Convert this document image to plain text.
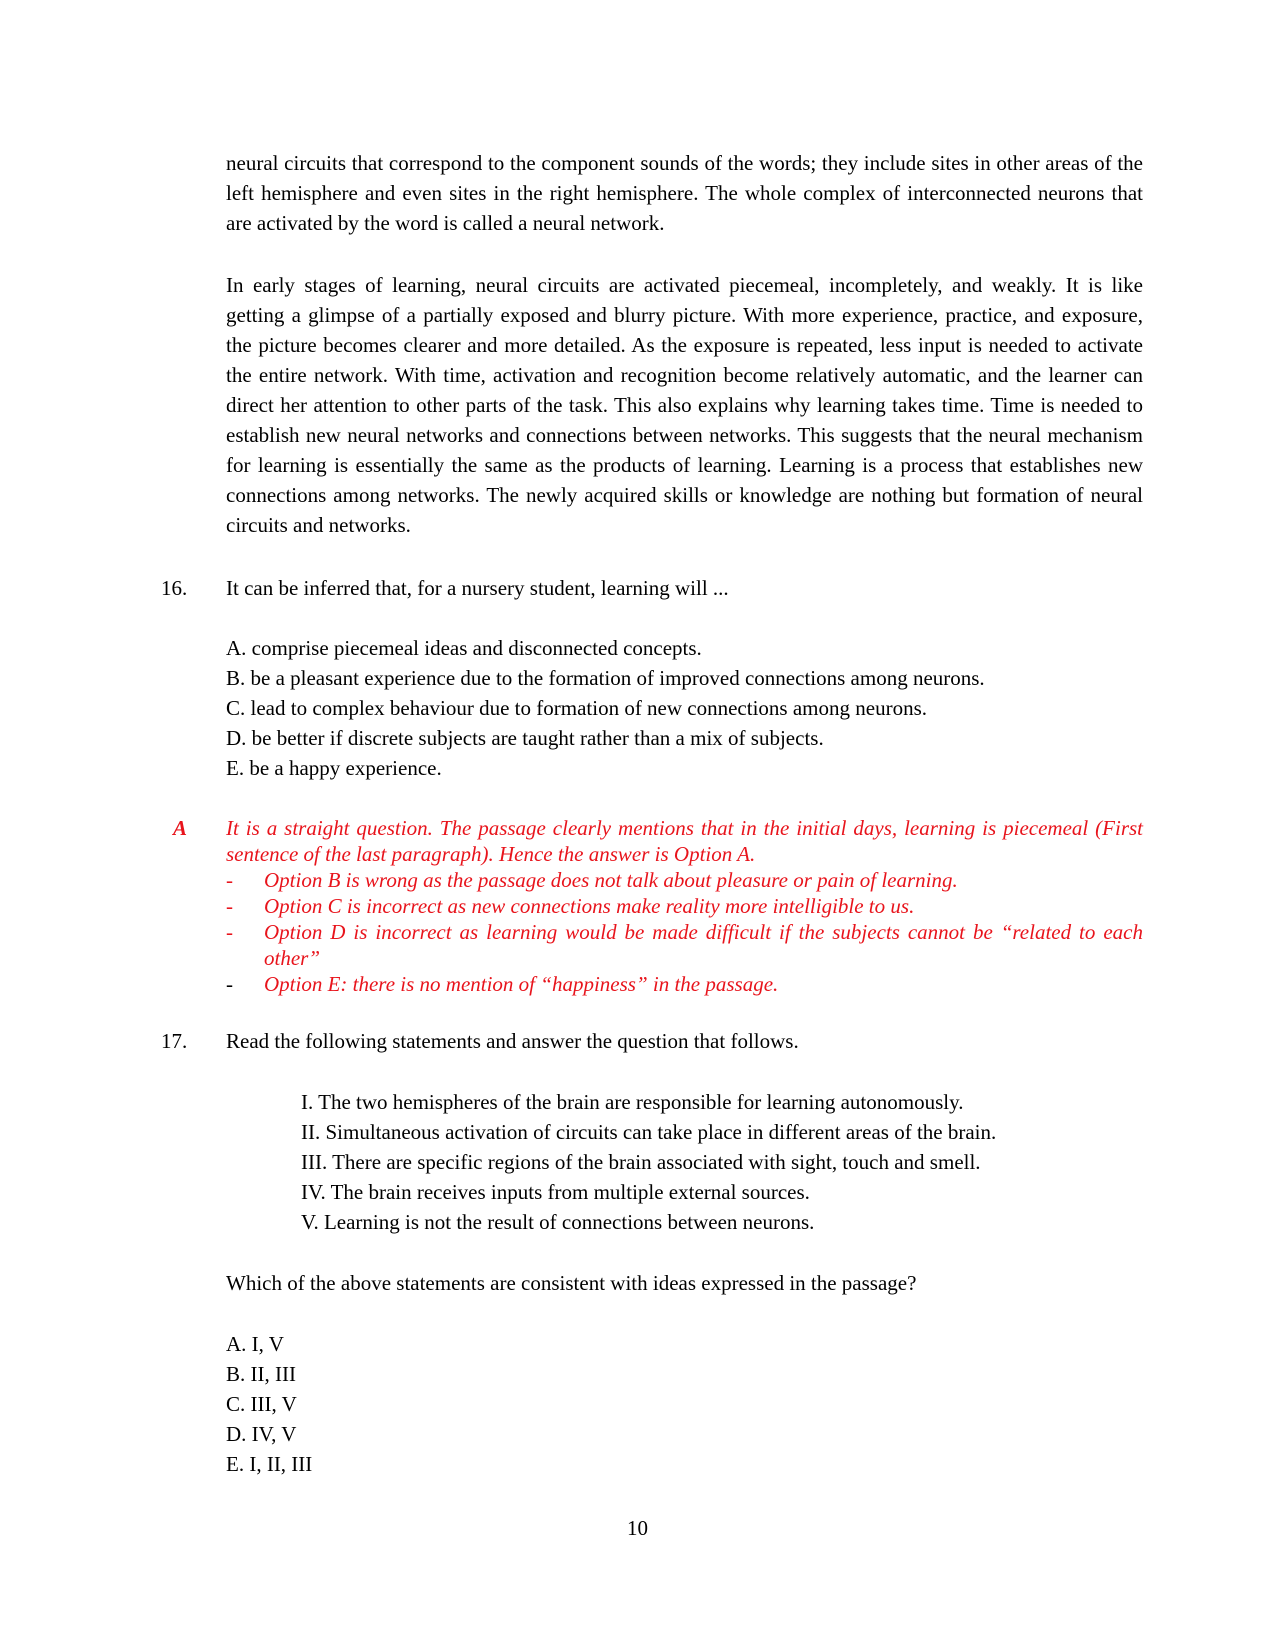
neural circuits that correspond to the component sounds of the words; they include sites in other areas of the left hemisphere and even sites in the right hemisphere. The whole complex of interconnected neurons that are activated by the word is called a neural network.

In early stages of learning, neural circuits are activated piecemeal, incompletely, and weakly. It is like getting a glimpse of a partially exposed and blurry picture. With more experience, practice, and exposure, the picture becomes clearer and more detailed. As the exposure is repeated, less input is needed to activate the entire network. With time, activation and recognition become relatively automatic, and the learner can direct her attention to other parts of the task. This also explains why learning takes time. Time is needed to establish new neural networks and connections between networks. This suggests that the neural mechanism for learning is essentially the same as the products of learning. Learning is a process that establishes new connections among networks. The newly acquired skills or knowledge are nothing but formation of neural circuits and networks.

16. It can be inferred that, for a nursery student, learning will ...

A. comprise piecemeal ideas and disconnected concepts.
B. be a pleasant experience due to the formation of improved connections among neurons.
C. lead to complex behaviour due to formation of new connections among neurons.
D. be better if discrete subjects are taught rather than a mix of subjects.
E. be a happy experience.
A It is a straight question. The passage clearly mentions that in the initial days, learning is piecemeal (First sentence of the last paragraph). Hence the answer is Option A.

- Option B is wrong as the passage does not talk about pleasure or pain of learning.
- Option C is incorrect as new connections make reality more intelligible to us.
- Option D is incorrect as learning would be made difficult if the subjects cannot be “related to each other”
- Option E: there is no mention of “happiness” in the passage.

17. Read the following statements and answer the question that follows.

I. The two hemispheres of the brain are responsible for learning autonomously.
II. Simultaneous activation of circuits can take place in different areas of the brain.
III. There are specific regions of the brain associated with sight, touch and smell.
IV. The brain receives inputs from multiple external sources.
V. Learning is not the result of connections between neurons.

Which of the above statements are consistent with ideas expressed in the passage?

A. I, V
B. II, III
C. III, V
D. IV, V
E. I, II, III

10
